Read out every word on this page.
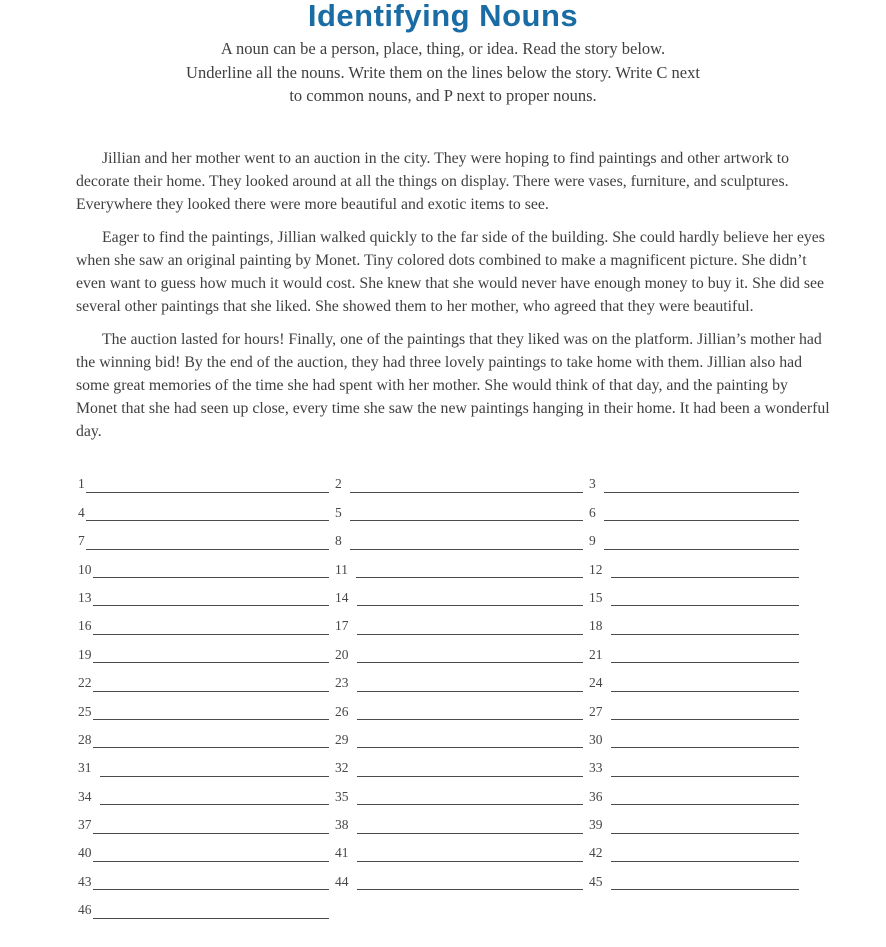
Identifying Nouns
A noun can be a person, place, thing, or idea. Read the story below.
Underline all the nouns. Write them on the lines below the story. Write C next
to common nouns, and P next to proper nouns.

Jillian and her mother went to an auction in the city. They were hoping to find paintings and other artwork to decorate their home. They looked around at all the things on display. There were vases, furniture, and sculptures. Everywhere they looked there were more beautiful and exotic items to see.

Eager to find the paintings, Jillian walked quickly to the far side of the building. She could hardly believe her eyes when she saw an original painting by Monet. Tiny colored dots combined to make a magnificent picture. She didn’t even want to guess how much it would cost. She knew that she would never have enough money to buy it. She did see several other paintings that she liked. She showed them to her mother, who agreed that they were beautiful.

The auction lasted for hours! Finally, one of the paintings that they liked was on the platform. Jillian’s mother had the winning bid! By the end of the auction, they had three lovely paintings to take home with them. Jillian also had some great memories of the time she had spent with her mother. She would think of that day, and the painting by Monet that she had seen up close, every time she saw the new paintings hanging in their home. It had been a wonderful day.

1	2	3
4	5	6
7	8	9
10	11	12
13	14	15
16	17	18
19	20	21
22	23	24
25	26	27
28	29	30
31	32	33
34	35	36
37	38	39
40	41	42
43	44	45
46
